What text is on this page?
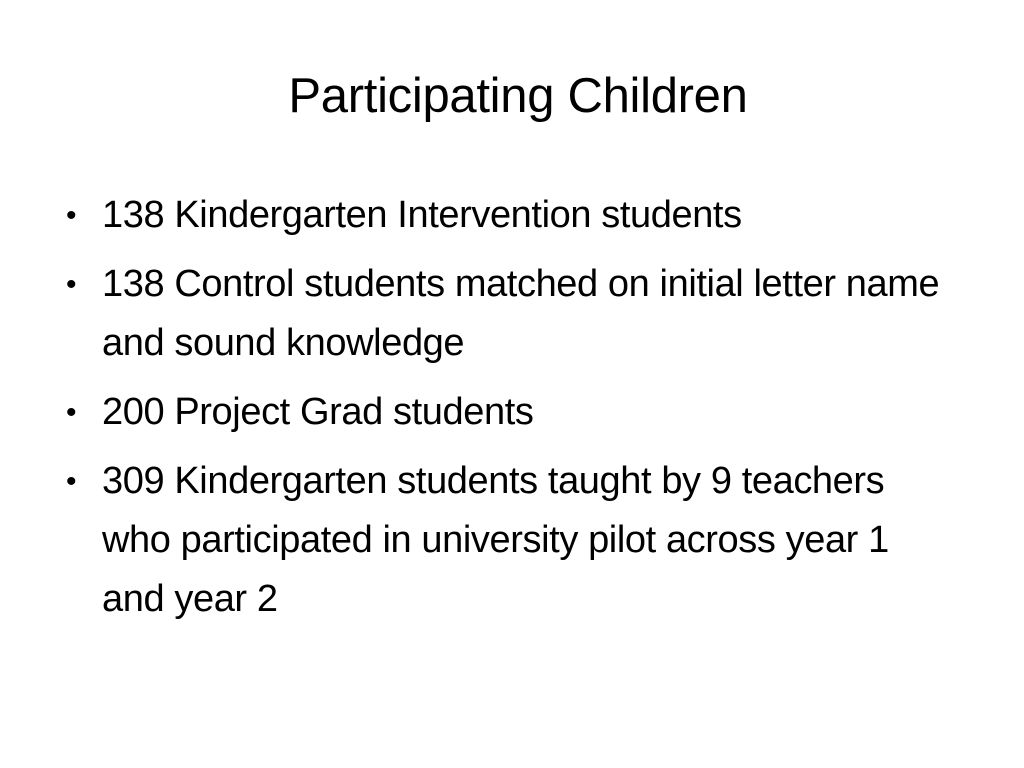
Participating Children
• 138 Kindergarten Intervention students
• 138 Control students matched on initial letter name and sound knowledge
• 200 Project Grad students
• 309 Kindergarten students taught by 9 teachers who participated in university pilot across year 1 and year 2
